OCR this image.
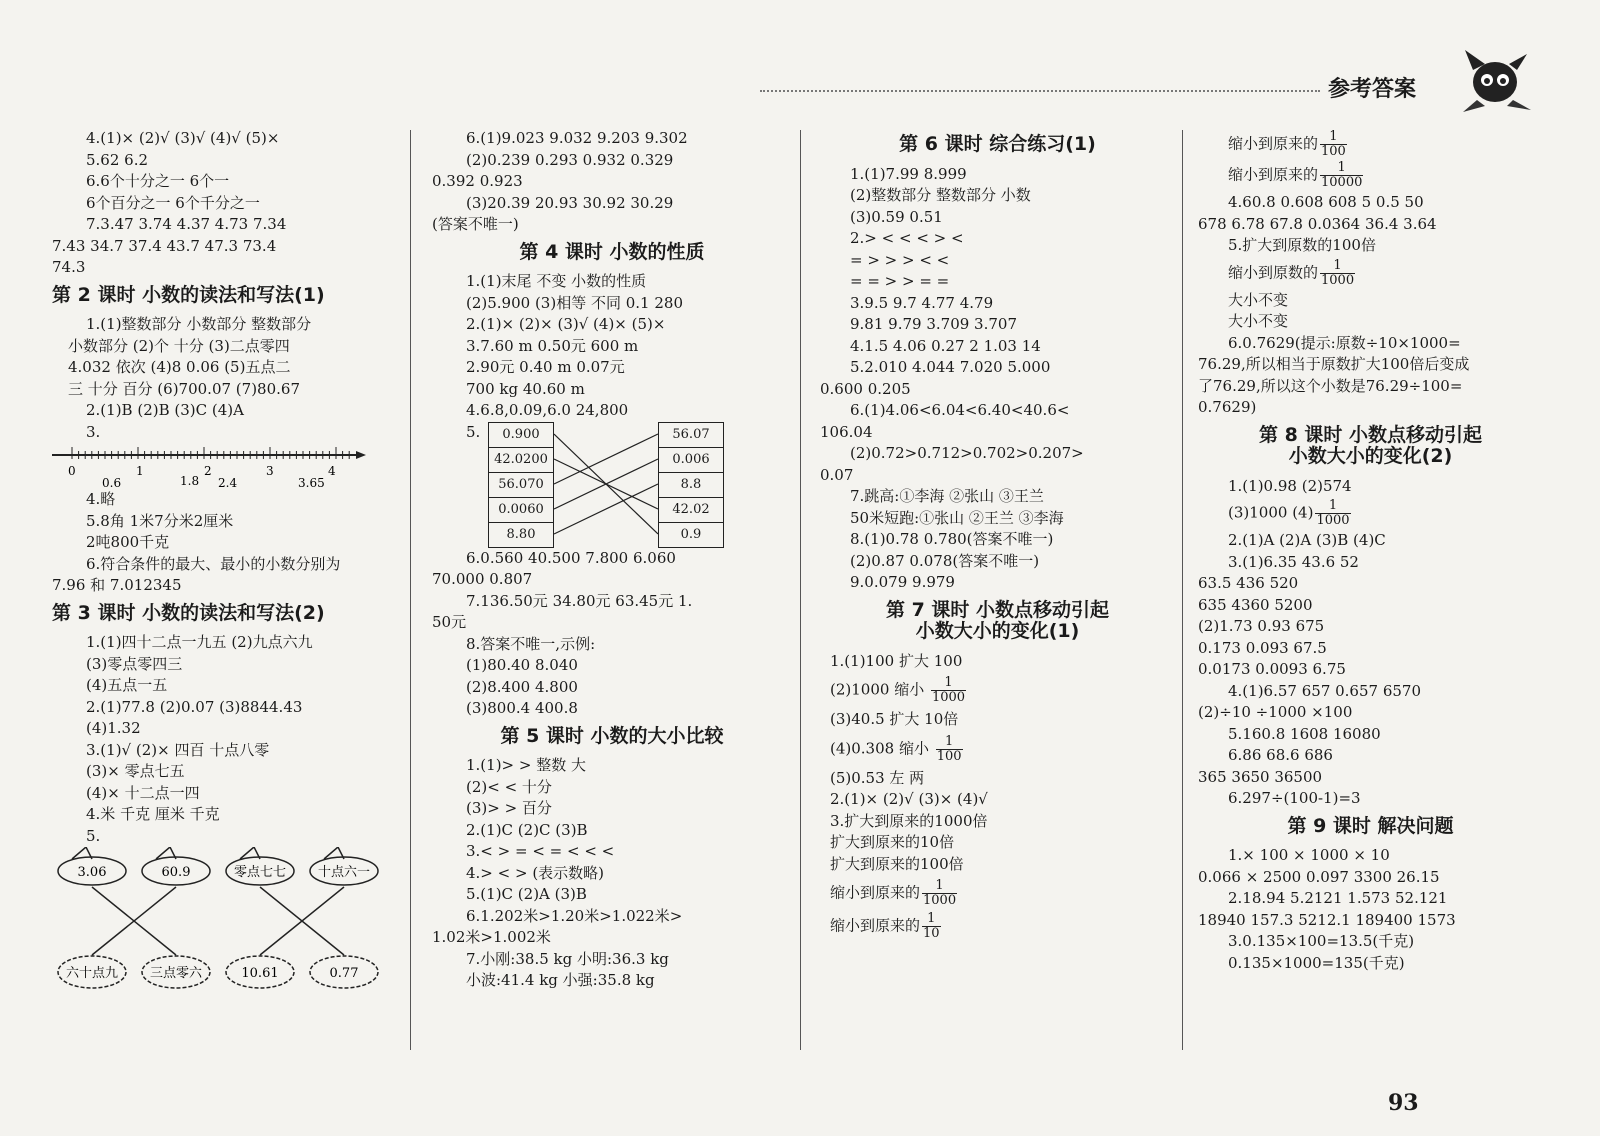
参考答案
4.(1)× (2)√ (3)√ (4)√ (5)×
5.62 6.2
6.6个十分之一 6个一
6个百分之一 6个千分之一
7.3.47 3.74 4.37 4.73 7.34
7.43 34.7 37.4 43.7 47.3 73.4
74.3
第 2 课时 小数的读法和写法(1)
1.(1)整数部分 小数部分 整数部分
小数部分 (2)个 十分 (3)二点零四
4.032 依次 (4)8 0.06 (5)五点二
三 十分 百分 (6)700.07 (7)80.67
2.(1)B (2)B (3)C (4)A
3.
0	1	2	3	4
0.6	1.8 2.4	3.65
4.略
5.8角 1米7分米2厘米
2吨800千克
6.符合条件的最大、最小的小数分别为
7.96 和 7.012345
第 3 课时 小数的读法和写法(2)
1.(1)四十二点一九五 (2)九点六九
(3)零点零四三
(4)五点一五
2.(1)77.8 (2)0.07 (3)8844.43
(4)1.32
3.(1)√ (2)× 四百 十点八零
(3)× 零点七五
(4)× 十二点一四
4.米 千克 厘米 千克
5.
3.06	60.9	零点七七 十点六一
六十点九 三点零六	10.61	0.77
6.(1)9.023 9.032 9.203 9.302
(2)0.239 0.293 0.932 0.329
0.392 0.923
(3)20.39 20.93 30.92 30.29
(答案不唯一)
第 4 课时 小数的性质
1.(1)末尾 不变 小数的性质
(2)5.900 (3)相等 不同 0.1 280
2.(1)× (2)× (3)√ (4)× (5)×
3.7.60 m 0.50元 600 m
2.90元 0.40 m 0.07元
700 kg 40.60 m
4.6.8,0.09,6.0 24,800
5.	0.900
42.0200
56.070
0.0060
8.80
56.07
0.006
8.8
42.02
0.9
6.0.560 40.500 7.800 6.060
70.000 0.807
7.136.50元 34.80元 63.45元 1.
50元
8.答案不唯一,示例:
(1)80.40 8.040
(2)8.400 4.800
(3)800.4 400.8
第 5 课时 小数的大小比较
1.(1)> > 整数 大
(2)< < 十分
(3)> > 百分
2.(1)C (2)C (3)B
3.< > = < = < < <
4.> < > (表示数略)
5.(1)C (2)A (3)B
6.1.202米>1.20米>1.022米>
1.02米>1.002米
7.小刚:38.5 kg 小明:36.3 kg
小波:41.4 kg 小强:35.8 kg
第 6 课时 综合练习(1)
1.(1)7.99 8.999
(2)整数部分 整数部分 小数
(3)0.59 0.51
2.> < < < > <
= > > > < <
= = > > = =
3.9.5 9.7 4.77 4.79
9.81 9.79 3.709 3.707
4.1.5 4.06 0.27 2 1.03 14
5.2.010 4.044 7.020 5.000
0.600 0.205
6.(1)4.06<6.04<6.40<40.6<
106.04
(2)0.72>0.712>0.702>0.207>
0.07
7.跳高:①李海 ②张山 ③王兰
50米短跑:①张山 ②王兰 ③李海
8.(1)0.78 0.780(答案不唯一)
(2)0.87 0.078(答案不唯一)
9.0.079 9.979
第 7 课时 小数点移动引起
小数大小的变化(1)
1.(1)100 扩大 100
(2)1000 缩小 $\frac{1}{1000}$
(3)40.5 扩大 10倍
(4)0.308 缩小 $\frac{1}{100}$
(5)0.53 左 两
2.(1)× (2)√ (3)× (4)√
3.扩大到原来的1000倍
扩大到原来的10倍
扩大到原来的100倍
缩小到原来的 $\frac{1}{1000}$
缩小到原来的 $\frac{1}{10}$
缩小到原来的 $\frac{1}{100}$
缩小到原来的 $\frac{1}{10000}$
4.60.8 0.608 608 5 0.5 50
678 6.78 67.8 0.0364 36.4 3.64
5.扩大到原数的100倍
缩小到原数的 $\frac{1}{1000}$
大小不变
大小不变
6.0.7629(提示:原数÷10×1000=
76.29,所以相当于原数扩大100倍后变成
了76.29,所以这个小数是76.29÷100=
0.7629)
第 8 课时 小数点移动引起
小数大小的变化(2)
1.(1)0.98 (2)574
(3)1000 $(4) \frac{1}{1000}$
2.(1)A (2)A (3)B (4)C
3.(1)6.35 43.6 52
63.5 436 520
635 4360 5200
(2)1.73 0.93 675
0.173 0.093 67.5
0.0173 0.0093 6.75
4.(1)6.57 657 0.657 6570
(2)÷10 ÷1000 ×100
5.160.8 1608 16080
6.86 68.6 686
365 3650 36500
6.297÷(100-1)=3
第 9 课时 解决问题
1.× 100 × 1000 × 10
0.066 × 2500 0.097 3300 26.15
2.18.94 5.2121 1.573 52.121
18940 157.3 5212.1 189400 1573
3.0.135×100=13.5(千克)
0.135×1000=135(千克)
93
